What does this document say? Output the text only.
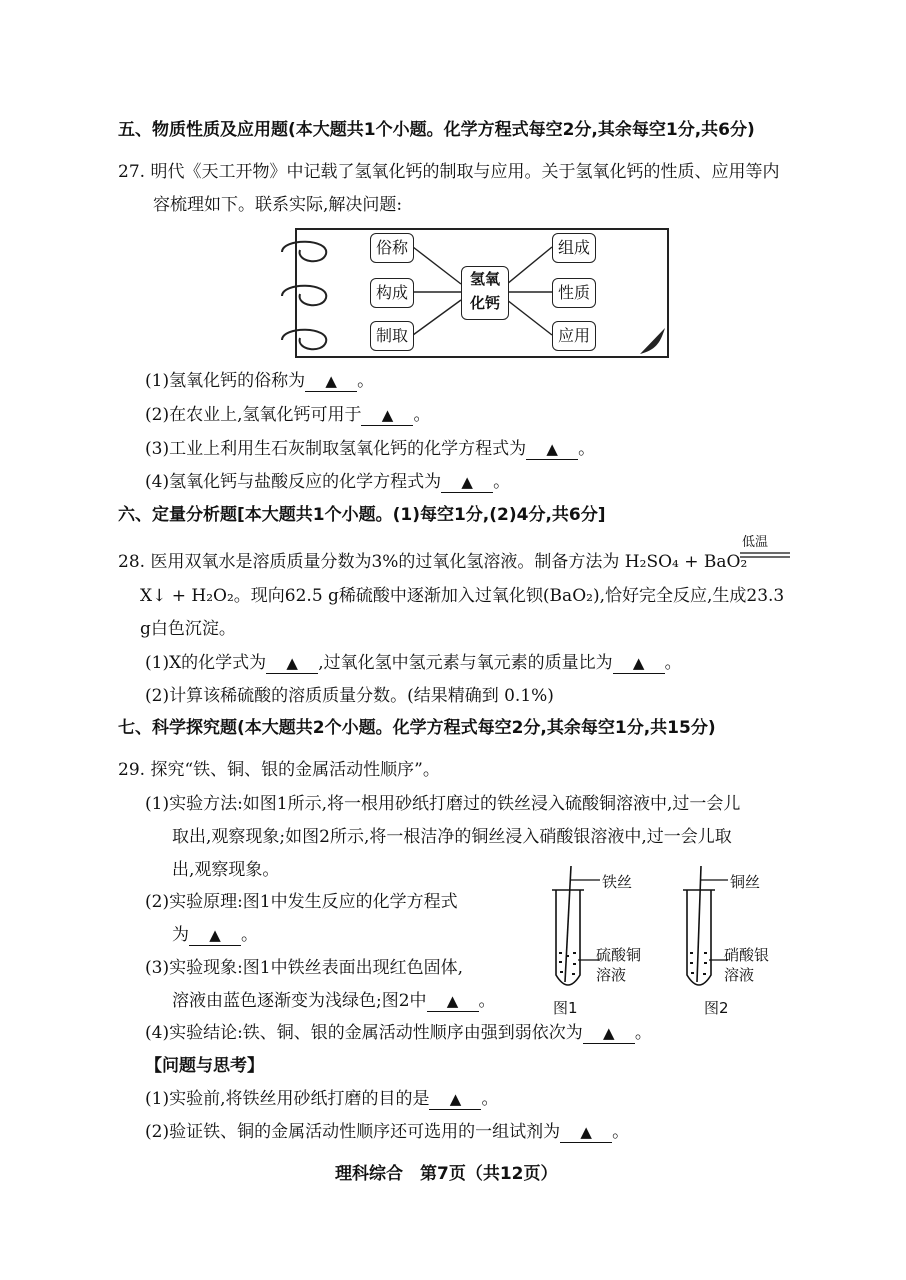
五、物质性质及应用题(本大题共1个小题。化学方程式每空2分,其余每空1分,共6分)
27. 明代《天工开物》中记载了氢氧化钙的制取与应用。关于氢氧化钙的性质、应用等内
容梳理如下。联系实际,解决问题:
俗称
构成
制取
氢氧
化钙
组成
性质
应用
(1)氢氧化钙的俗称为 ▲ 。
(2)在农业上,氢氧化钙可用于 ▲ 。
(3)工业上利用生石灰制取氢氧化钙的化学方程式为 ▲ 。
(4)氢氧化钙与盐酸反应的化学方程式为 ▲ 。
六、定量分析题[本大题共1个小题。(1)每空1分,(2)4分,共6分]
28. 医用双氧水是溶质质量分数为3%的过氧化氢溶液。制备方法为 H₂SO₄ + BaO₂
低温
X↓ + H₂O₂。现向62.5 g稀硫酸中逐渐加入过氧化钡(BaO₂),恰好完全反应,生成23.3
g白色沉淀。
(1)X的化学式为 ▲ ,过氧化氢中氢元素与氧元素的质量比为 ▲ 。
(2)计算该稀硫酸的溶质质量分数。(结果精确到 0.1%)
七、科学探究题(本大题共2个小题。化学方程式每空2分,其余每空1分,共15分)
29. 探究“铁、铜、银的金属活动性顺序”。
(1)实验方法:如图1所示,将一根用砂纸打磨过的铁丝浸入硫酸铜溶液中,过一会儿
取出,观察现象;如图2所示,将一根洁净的铜丝浸入硝酸银溶液中,过一会儿取
出,观察现象。
(2)实验原理:图1中发生反应的化学方程式
为 ▲ 。
(3)实验现象:图1中铁丝表面出现红色固体,
溶液由蓝色逐渐变为浅绿色;图2中 ▲ 。
铁丝
硫酸铜
溶液
图1
铜丝
硝酸银
溶液
图2
(4)实验结论:铁、铜、银的金属活动性顺序由强到弱依次为 ▲ 。
【问题与思考】
(1)实验前,将铁丝用砂纸打磨的目的是 ▲ 。
(2)验证铁、铜的金属活动性顺序还可选用的一组试剂为 ▲ 。
理科综合　第7页（共12页）
